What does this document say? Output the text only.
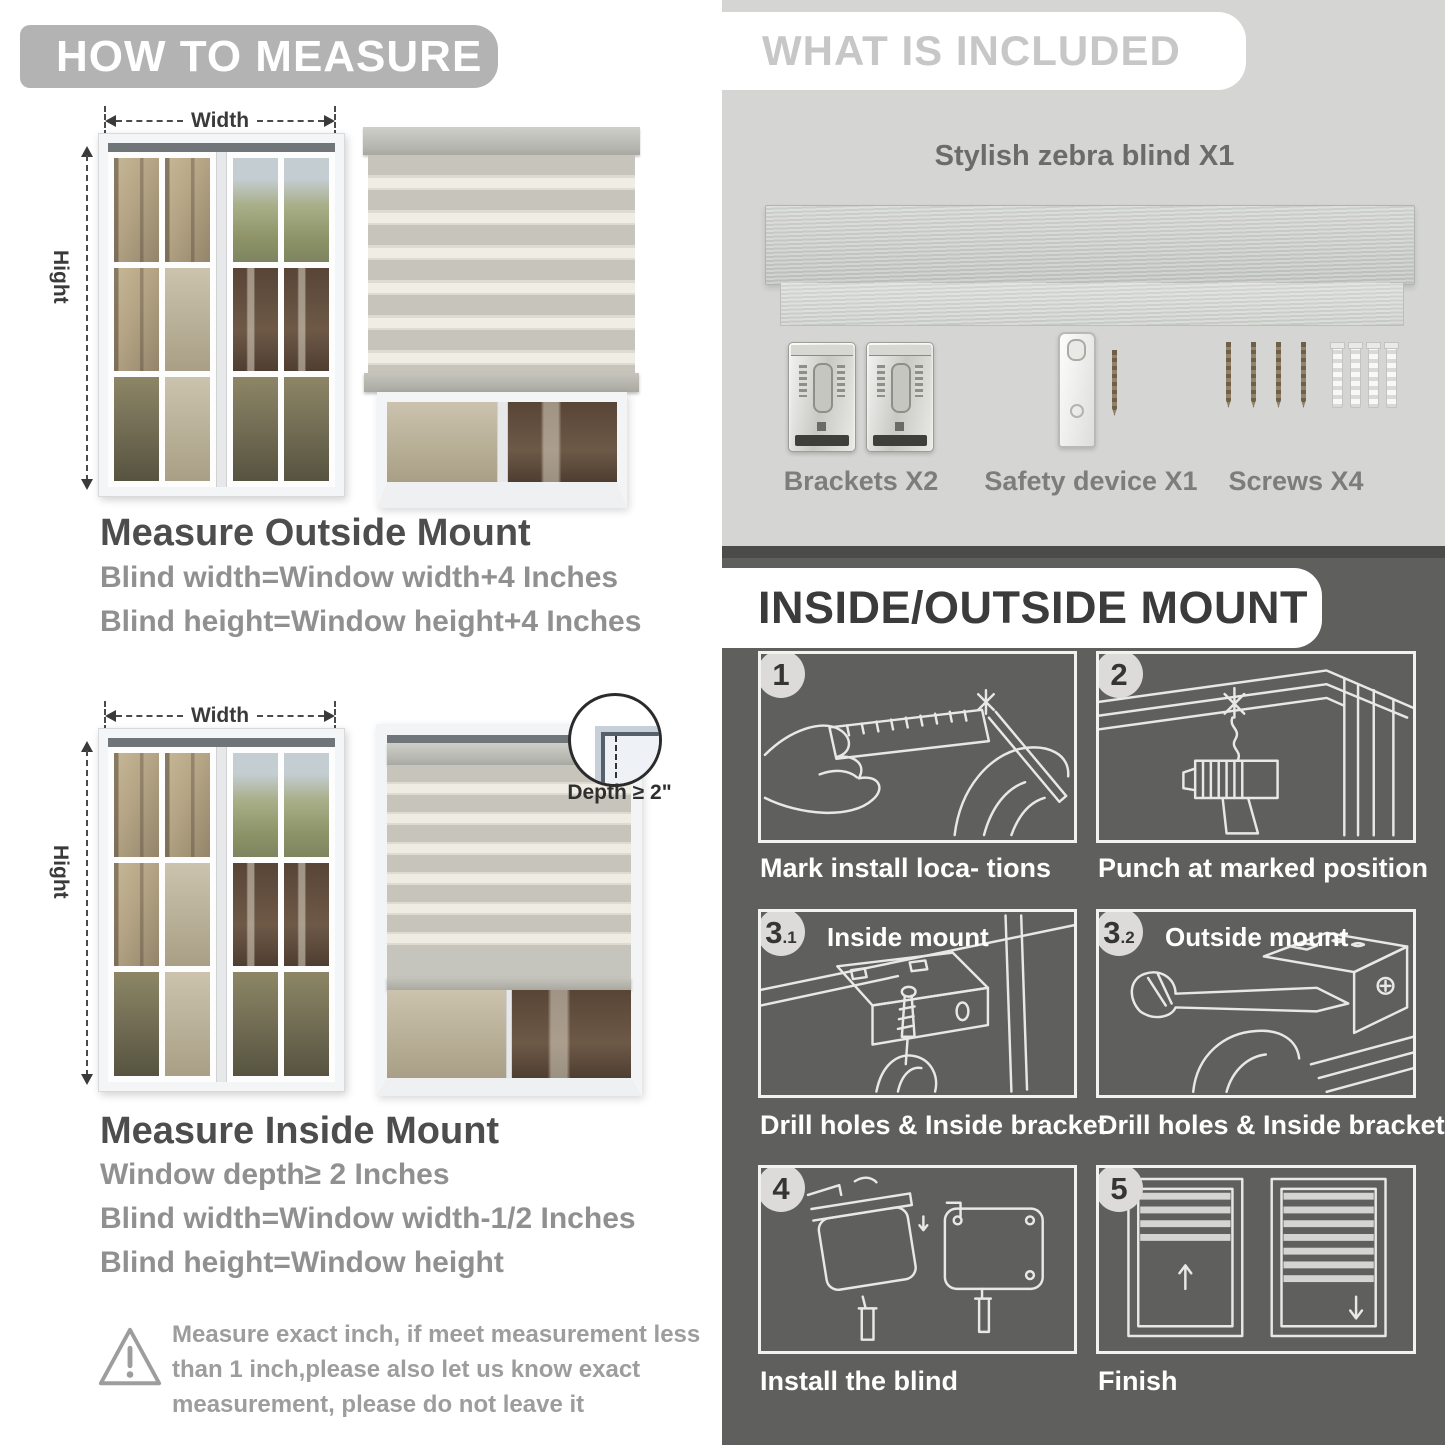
HOW TO MEASURE
Width
Hight
Measure Outside Mount
Blind width=Window width+4 Inches
Blind height=Window height+4 Inches
Width
Hight
Depth ≥ 2"
Measure Inside Mount
Window depth≥ 2 Inches
Blind width=Window width-1/2 Inches
Blind height=Window height
Measure exact inch, if meet measurement less
than 1 inch,please also let us know exact
measurement, please do not leave it
WHAT IS INCLUDED
Stylish zebra blind X1
Brackets X2	Safety device X1	Screws X4
INSIDE/OUTSIDE MOUNT
1
Mark install loca- tions
2
Punch at marked position
3 .1 Inside mount
Drill holes & Inside bracket
3 .2 Outside mount
Drill holes & Inside bracket
4
Install the blind
5
Finish
